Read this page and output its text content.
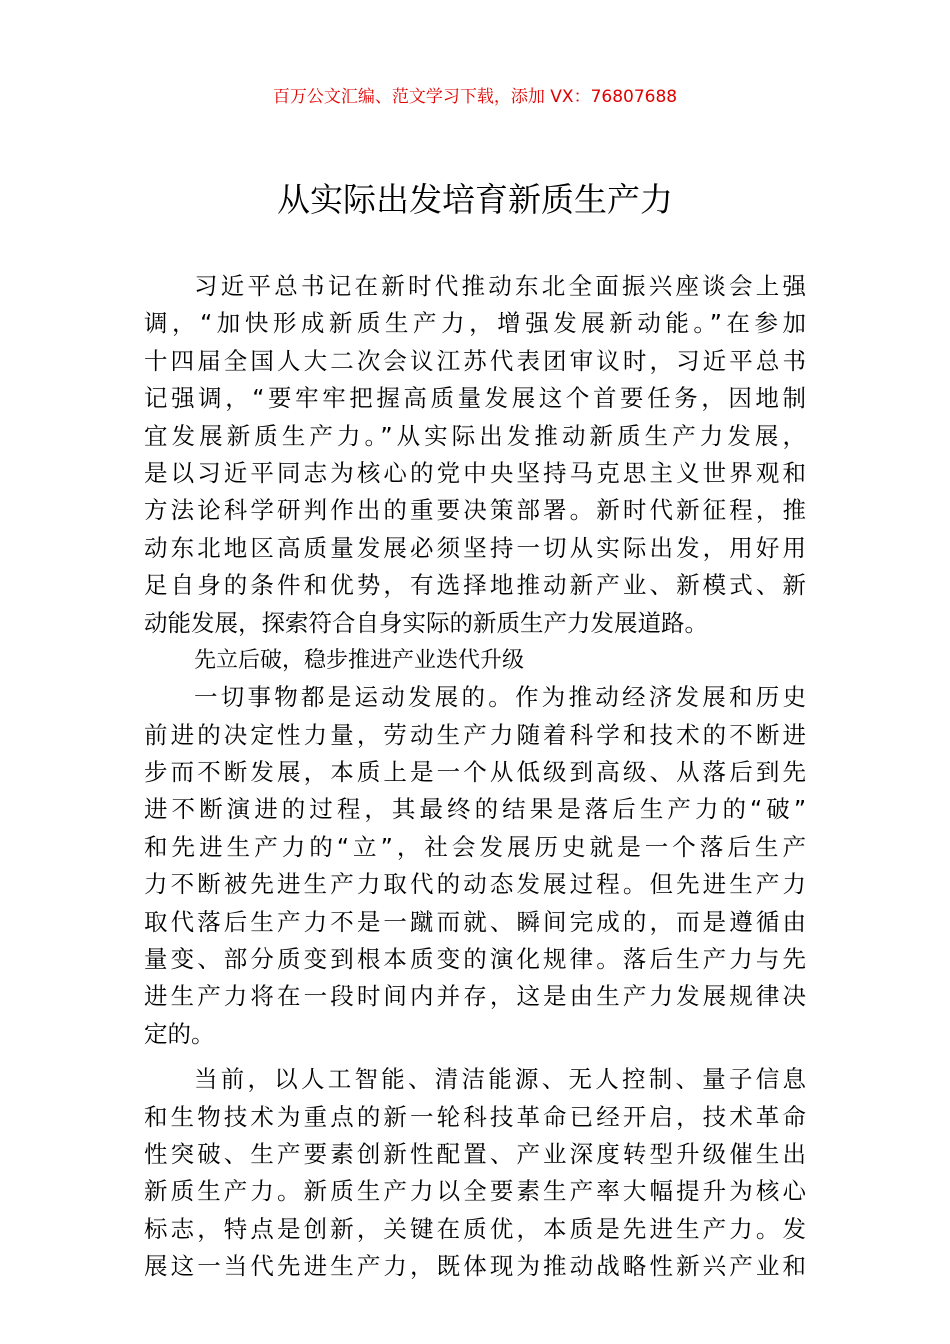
百万公文汇编、范文学习下载，添加 VX：76807688
从实际出发培育新质生产力
习近平总书记在新时代推动东北全面振兴座谈会上强
调，“加快形成新质生产力，增强发展新动能。”在参加
十四届全国人大二次会议江苏代表团审议时，习近平总书
记强调，“要牢牢把握高质量发展这个首要任务，因地制
宜发展新质生产力。”从实际出发推动新质生产力发展，
是以习近平同志为核心的党中央坚持马克思主义世界观和
方法论科学研判作出的重要决策部署。新时代新征程，推
动东北地区高质量发展必须坚持一切从实际出发，用好用
足自身的条件和优势，有选择地推动新产业、新模式、新
动能发展，探索符合自身实际的新质生产力发展道路。
先立后破，稳步推进产业迭代升级
一切事物都是运动发展的。作为推动经济发展和历史
前进的决定性力量，劳动生产力随着科学和技术的不断进
步而不断发展，本质上是一个从低级到高级、从落后到先
进不断演进的过程，其最终的结果是落后生产力的“破”
和先进生产力的“立”，社会发展历史就是一个落后生产
力不断被先进生产力取代的动态发展过程。但先进生产力
取代落后生产力不是一蹴而就、瞬间完成的，而是遵循由
量变、部分质变到根本质变的演化规律。落后生产力与先
进生产力将在一段时间内并存，这是由生产力发展规律决
定的。
当前，以人工智能、清洁能源、无人控制、量子信息
和生物技术为重点的新一轮科技革命已经开启，技术革命
性突破、生产要素创新性配置、产业深度转型升级催生出
新质生产力。新质生产力以全要素生产率大幅提升为核心
标志，特点是创新，关键在质优，本质是先进生产力。发
展这一当代先进生产力，既体现为推动战略性新兴产业和
